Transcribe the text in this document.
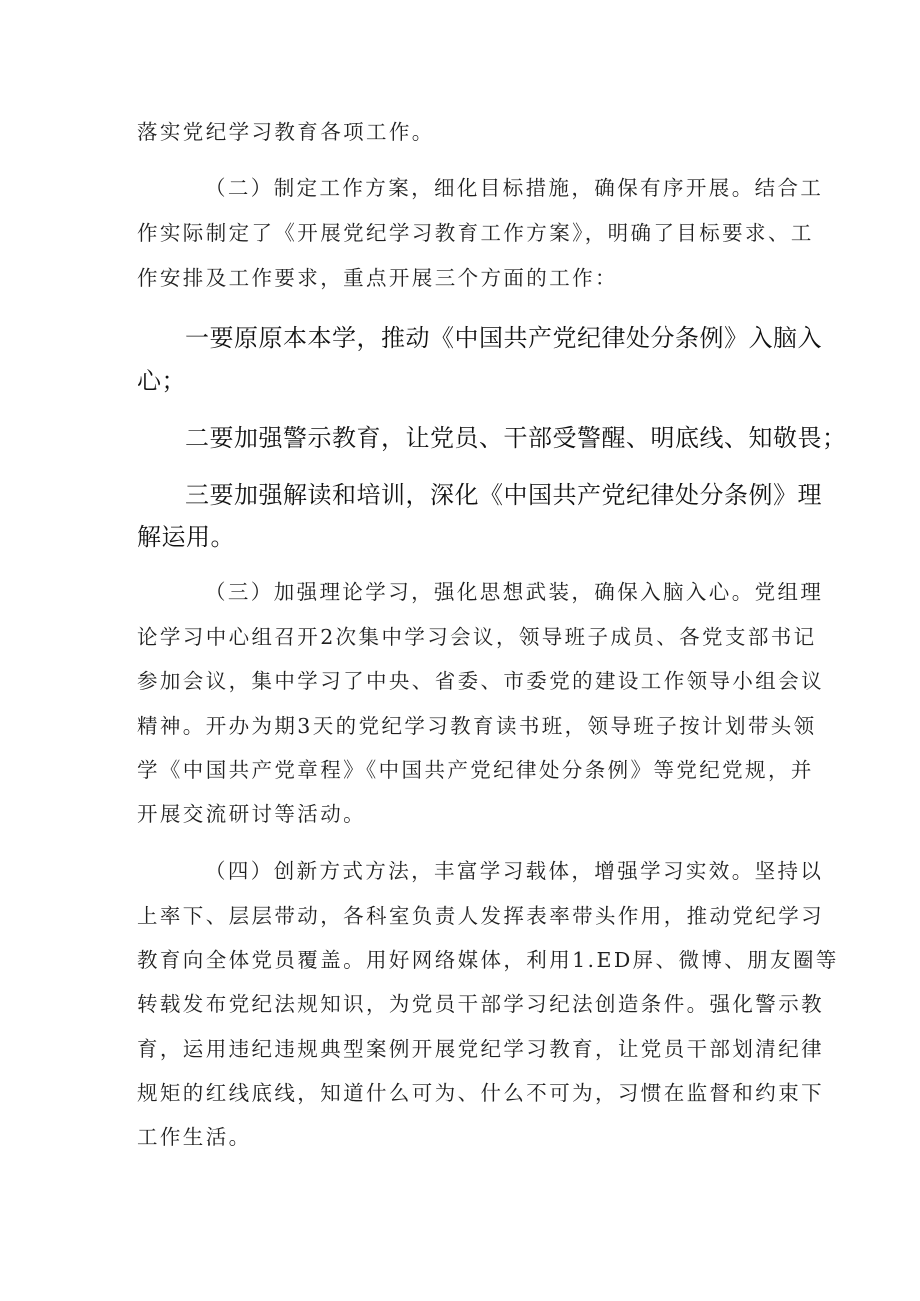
落实党纪学习教育各项工作。
（二）制定工作方案，细化目标措施，确保有序开展。结合工
作实际制定了《开展党纪学习教育工作方案》，明确了目标要求、工
作安排及工作要求，重点开展三个方面的工作：
一要原原本本学，推动《中国共产党纪律处分条例》入脑入
心；
二要加强警示教育，让党员、干部受警醒、明底线、知敬畏；
三要加强解读和培训，深化《中国共产党纪律处分条例》理
解运用。
（三）加强理论学习，强化思想武装，确保入脑入心。党组理
论学习中心组召开2次集中学习会议，领导班子成员、各党支部书记
参加会议，集中学习了中央、省委、市委党的建设工作领导小组会议
精神。开办为期3天的党纪学习教育读书班，领导班子按计划带头领
学《中国共产党章程》《中国共产党纪律处分条例》等党纪党规，并
开展交流研讨等活动。
（四）创新方式方法，丰富学习载体，增强学习实效。坚持以
上率下、层层带动，各科室负责人发挥表率带头作用，推动党纪学习
教育向全体党员覆盖。用好网络媒体，利用1.ED屏、微博、朋友圈等
转载发布党纪法规知识，为党员干部学习纪法创造条件。强化警示教
育，运用违纪违规典型案例开展党纪学习教育，让党员干部划清纪律
规矩的红线底线，知道什么可为、什么不可为，习惯在监督和约束下
工作生活。
